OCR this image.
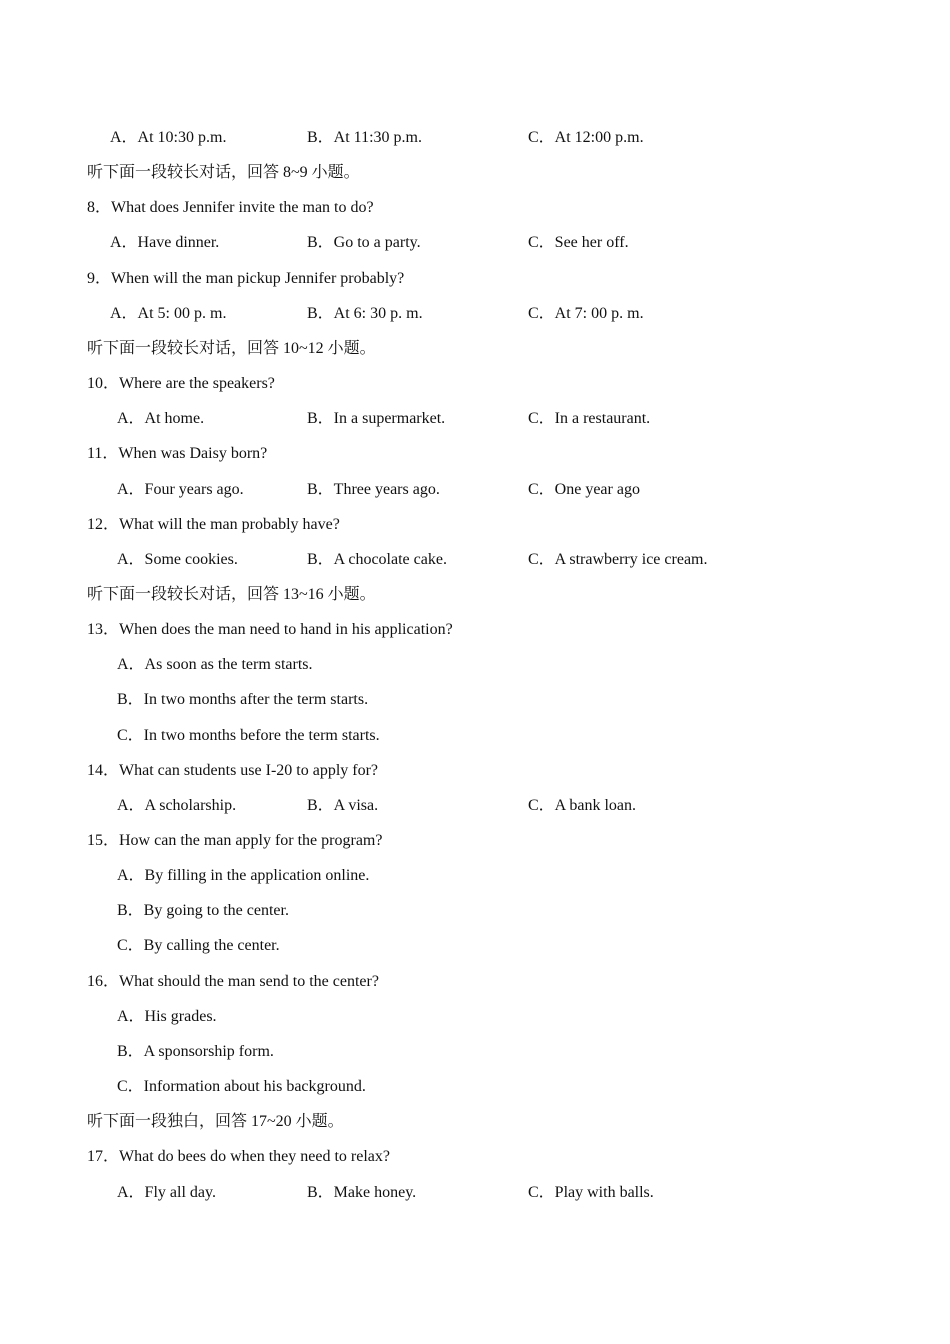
A．At 10:30 p.m.	B．At 11:30 p.m.	C．At 12:00 p.m.
听下面一段较长对话，回答 8~9 小题。
8．What does Jennifer invite the man to do?
A．Have dinner.	B．Go to a party.	C．See her off.
9．When will the man pickup Jennifer probably?
A．At 5: 00 p. m.	B．At 6: 30 p. m.	C．At 7: 00 p. m.
听下面一段较长对话，回答 10~12 小题。
10．Where are the speakers?
A．At home.	B．In a supermarket.	C．In a restaurant.
11．When was Daisy born?
A．Four years ago.	B．Three years ago.	C．One year ago
12．What will the man probably have?
A．Some cookies.	B．A chocolate cake.	C．A strawberry ice cream.
听下面一段较长对话，回答 13~16 小题。
13．When does the man need to hand in his application?
A．As soon as the term starts.
B．In two months after the term starts.
C．In two months before the term starts.
14．What can students use I-20 to apply for?
A．A scholarship.	B．A visa.	C．A bank loan.
15．How can the man apply for the program?
A．By filling in the application online.
B．By going to the center.
C．By calling the center.
16．What should the man send to the center?
A．His grades.
B．A sponsorship form.
C．Information about his background.
听下面一段独白，回答 17~20 小题。
17．What do bees do when they need to relax?
A．Fly all day.	B．Make honey.	C．Play with balls.
